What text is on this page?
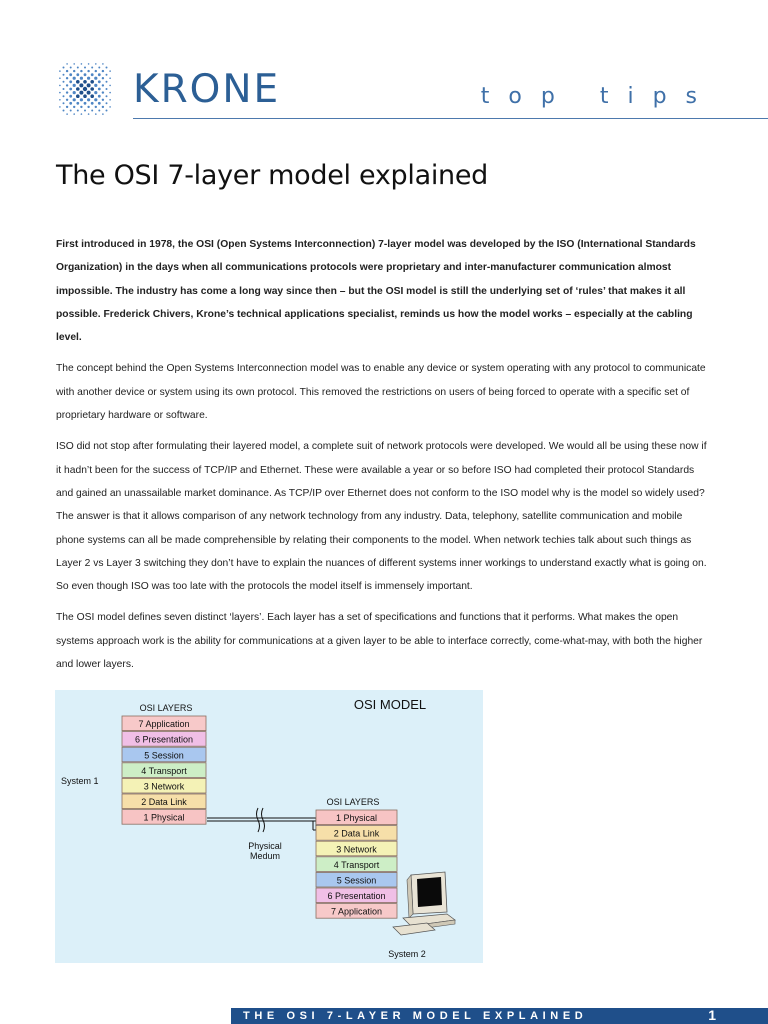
KRONE	top tips
The OSI 7-layer model explained

First introduced in 1978, the OSI (Open Systems Interconnection) 7-layer model was developed by the ISO (International Standards Organization) in the days when all communications protocols were proprietary and inter-manufacturer communication almost impossible. The industry has come a long way since then – but the OSI model is still the underlying set of ‘rules’ that makes it all possible. Frederick Chivers, Krone’s technical applications specialist, reminds us how the model works – especially at the cabling level.

The concept behind the Open Systems Interconnection model was to enable any device or system operating with any protocol to communicate with another device or system using its own protocol. This removed the restrictions on users of being forced to operate with a specific set of proprietary hardware or software.

ISO did not stop after formulating their layered model, a complete suit of network protocols were developed. We would all be using these now if it hadn’t been for the success of TCP/IP and Ethernet. These were available a year or so before ISO had completed their protocol Standards and gained an unassailable market dominance. As TCP/IP over Ethernet does not conform to the ISO model why is the model so widely used? The answer is that it allows comparison of any network technology from any industry. Data, telephony, satellite communication and mobile phone systems can all be made comprehensible by relating their components to the model. When network techies talk about such things as Layer 2 vs Layer 3 switching they don’t have to explain the nuances of different systems inner workings to understand exactly what is going on. So even though ISO was too late with the protocols the model itself is immensely important.

The OSI model defines seven distinct ‘layers’. Each layer has a set of specifications and functions that it performs. What makes the open systems approach work is the ability for communications at a given layer to be able to interface correctly, come-what-may, with both the higher and lower layers.

OSI MODEL
OSI LAYERS
7 Application
6 Presentation
5 Session
4 Transport
3 Network
2 Data Link
1 Physical
System 1
Physical
Medum
OSI LAYERS
1 Physical
2 Data Link
3 Network
4 Transport
5 Session
6 Presentation
7 Application
System 2
THE OSI 7-LAYER MODEL EXPLAINED	1
